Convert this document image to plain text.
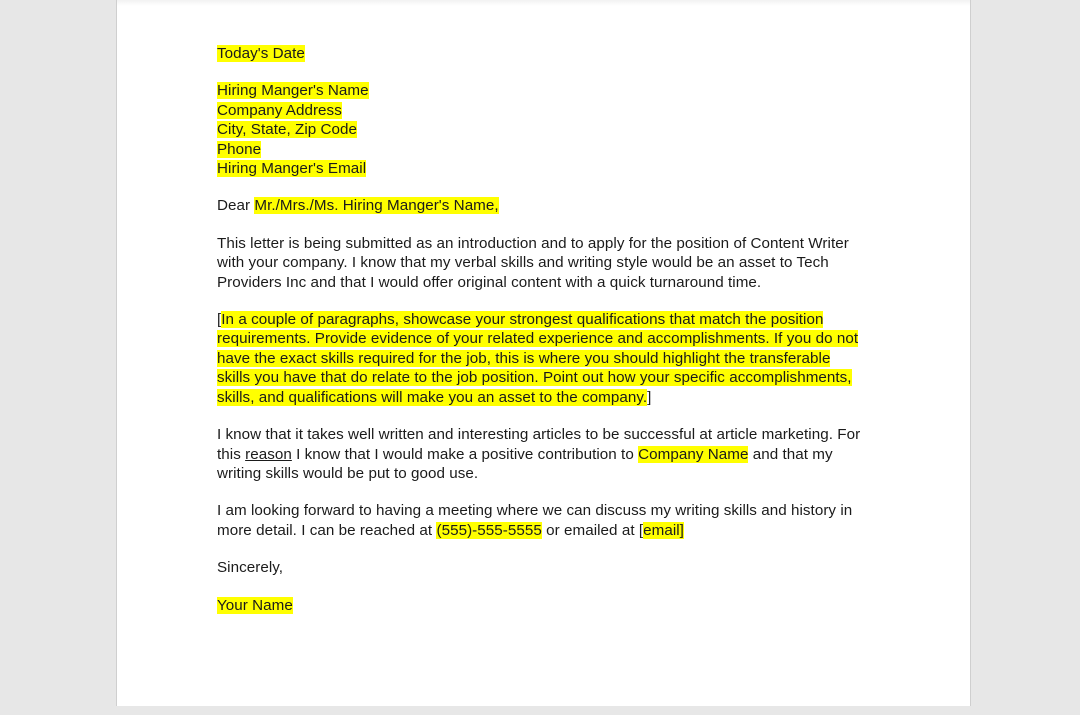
Today's Date
Hiring Manger's Name
Company Address
City, State, Zip Code
Phone
Hiring Manger's Email
Dear Mr./Mrs./Ms. Hiring Manger's Name,
This letter is being submitted as an introduction and to apply for the position of Content Writer with your company. I know that my verbal skills and writing style would be an asset to Tech Providers Inc and that I would offer original content with a quick turnaround time.
[In a couple of paragraphs, showcase your strongest qualifications that match the position requirements. Provide evidence of your related experience and accomplishments. If you do not have the exact skills required for the job, this is where you should highlight the transferable skills you have that do relate to the job position. Point out how your specific accomplishments, skills, and qualifications will make you an asset to the company.]
I know that it takes well written and interesting articles to be successful at article marketing. For this reason I know that I would make a positive contribution to Company Name and that my writing skills would be put to good use.
I am looking forward to having a meeting where we can discuss my writing skills and history in more detail. I can be reached at (555)-555-5555 or emailed at [email]
Sincerely,
Your Name
